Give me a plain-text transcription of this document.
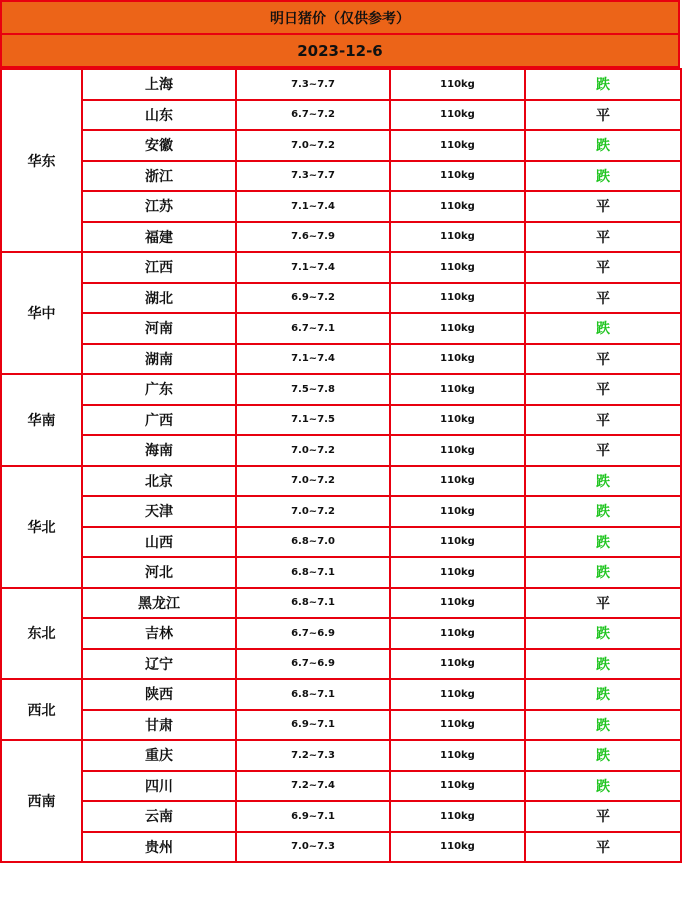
明日猪价（仅供参考）
2023-12-6
华东	上海	7.3~7.7	110kg	跌
	山东	6.7~7.2	110kg	平
	安徽	7.0~7.2	110kg	跌
	浙江	7.3~7.7	110kg	跌
	江苏	7.1~7.4	110kg	平
	福建	7.6~7.9	110kg	平
华中	江西	7.1~7.4	110kg	平
	湖北	6.9~7.2	110kg	平
	河南	6.7~7.1	110kg	跌
	湖南	7.1~7.4	110kg	平
华南	广东	7.5~7.8	110kg	平
	广西	7.1~7.5	110kg	平
	海南	7.0~7.2	110kg	平
华北	北京	7.0~7.2	110kg	跌
	天津	7.0~7.2	110kg	跌
	山西	6.8~7.0	110kg	跌
	河北	6.8~7.1	110kg	跌
东北	黑龙江	6.8~7.1	110kg	平
	吉林	6.7~6.9	110kg	跌
	辽宁	6.7~6.9	110kg	跌
西北	陕西	6.8~7.1	110kg	跌
	甘肃	6.9~7.1	110kg	跌
西南	重庆	7.2~7.3	110kg	跌
	四川	7.2~7.4	110kg	跌
	云南	6.9~7.1	110kg	平
	贵州	7.0~7.3	110kg	平
